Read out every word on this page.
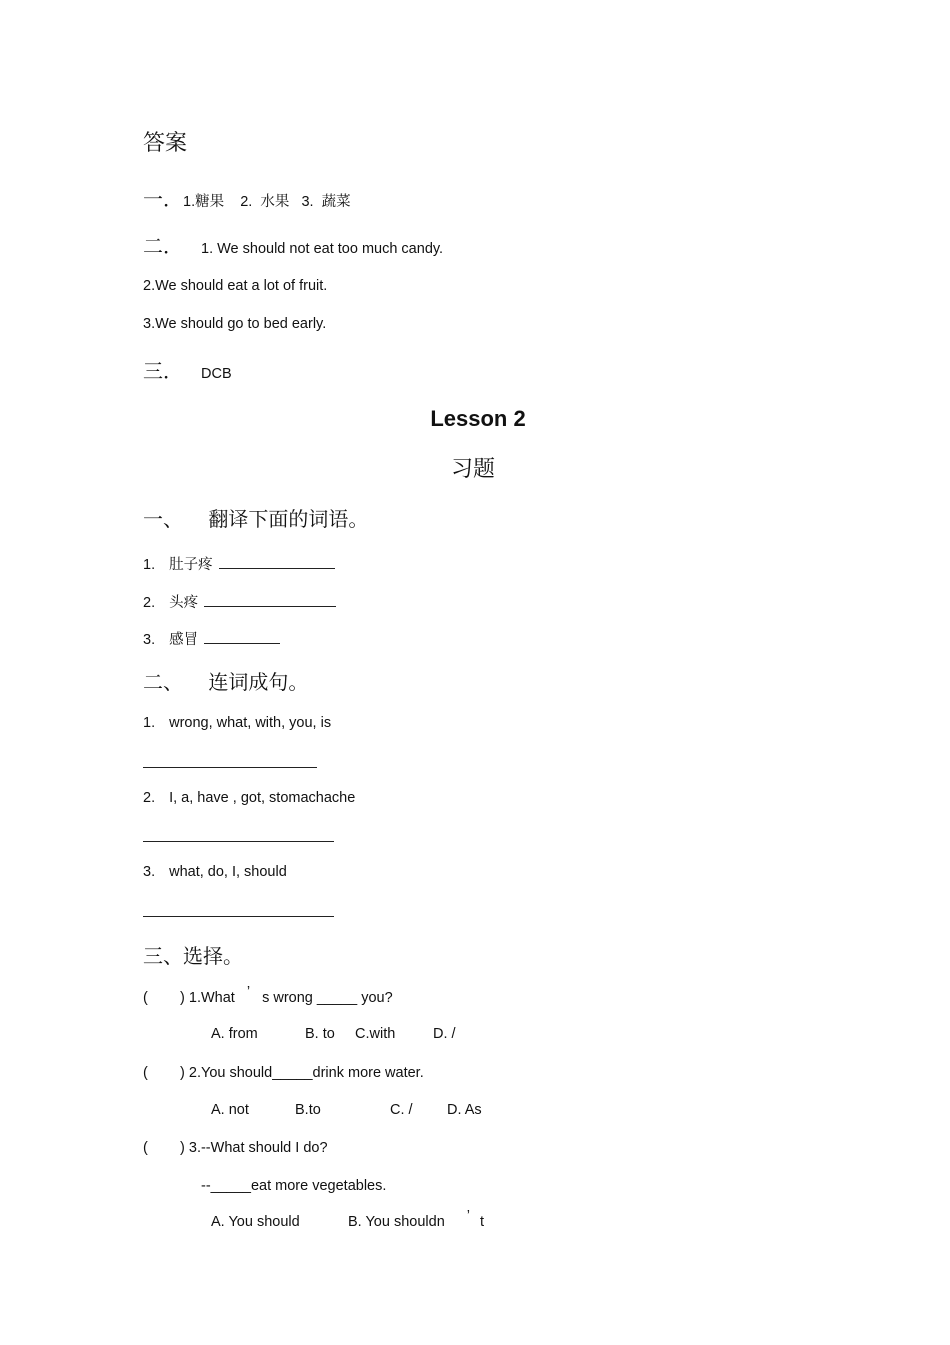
答案
一．1.糖果    2.  水果   3.  蔬菜
二． 1. We should not eat too much candy.
2.We should eat a lot of fruit.
3.We should go to bed early.
三． DCB
Lesson 2
习题
一、    翻译下面的词语。
1. 肚子疼
2. 头疼
3. 感冒
二、    连词成句。
1. wrong, what, with, you, is
2. I, a, have , got, stomachache
3. what, do, I, should
三、选择。
(        ) 1.What ’ s wrong _____ you?
A. from	B. to C.with	D. /
(        ) 2.You should_____drink more water.
A. not	B.to	C. / D. As
(        ) 3.--What should I do?
--_____eat more vegetables.
A. You should	B. You shouldn ’ t
